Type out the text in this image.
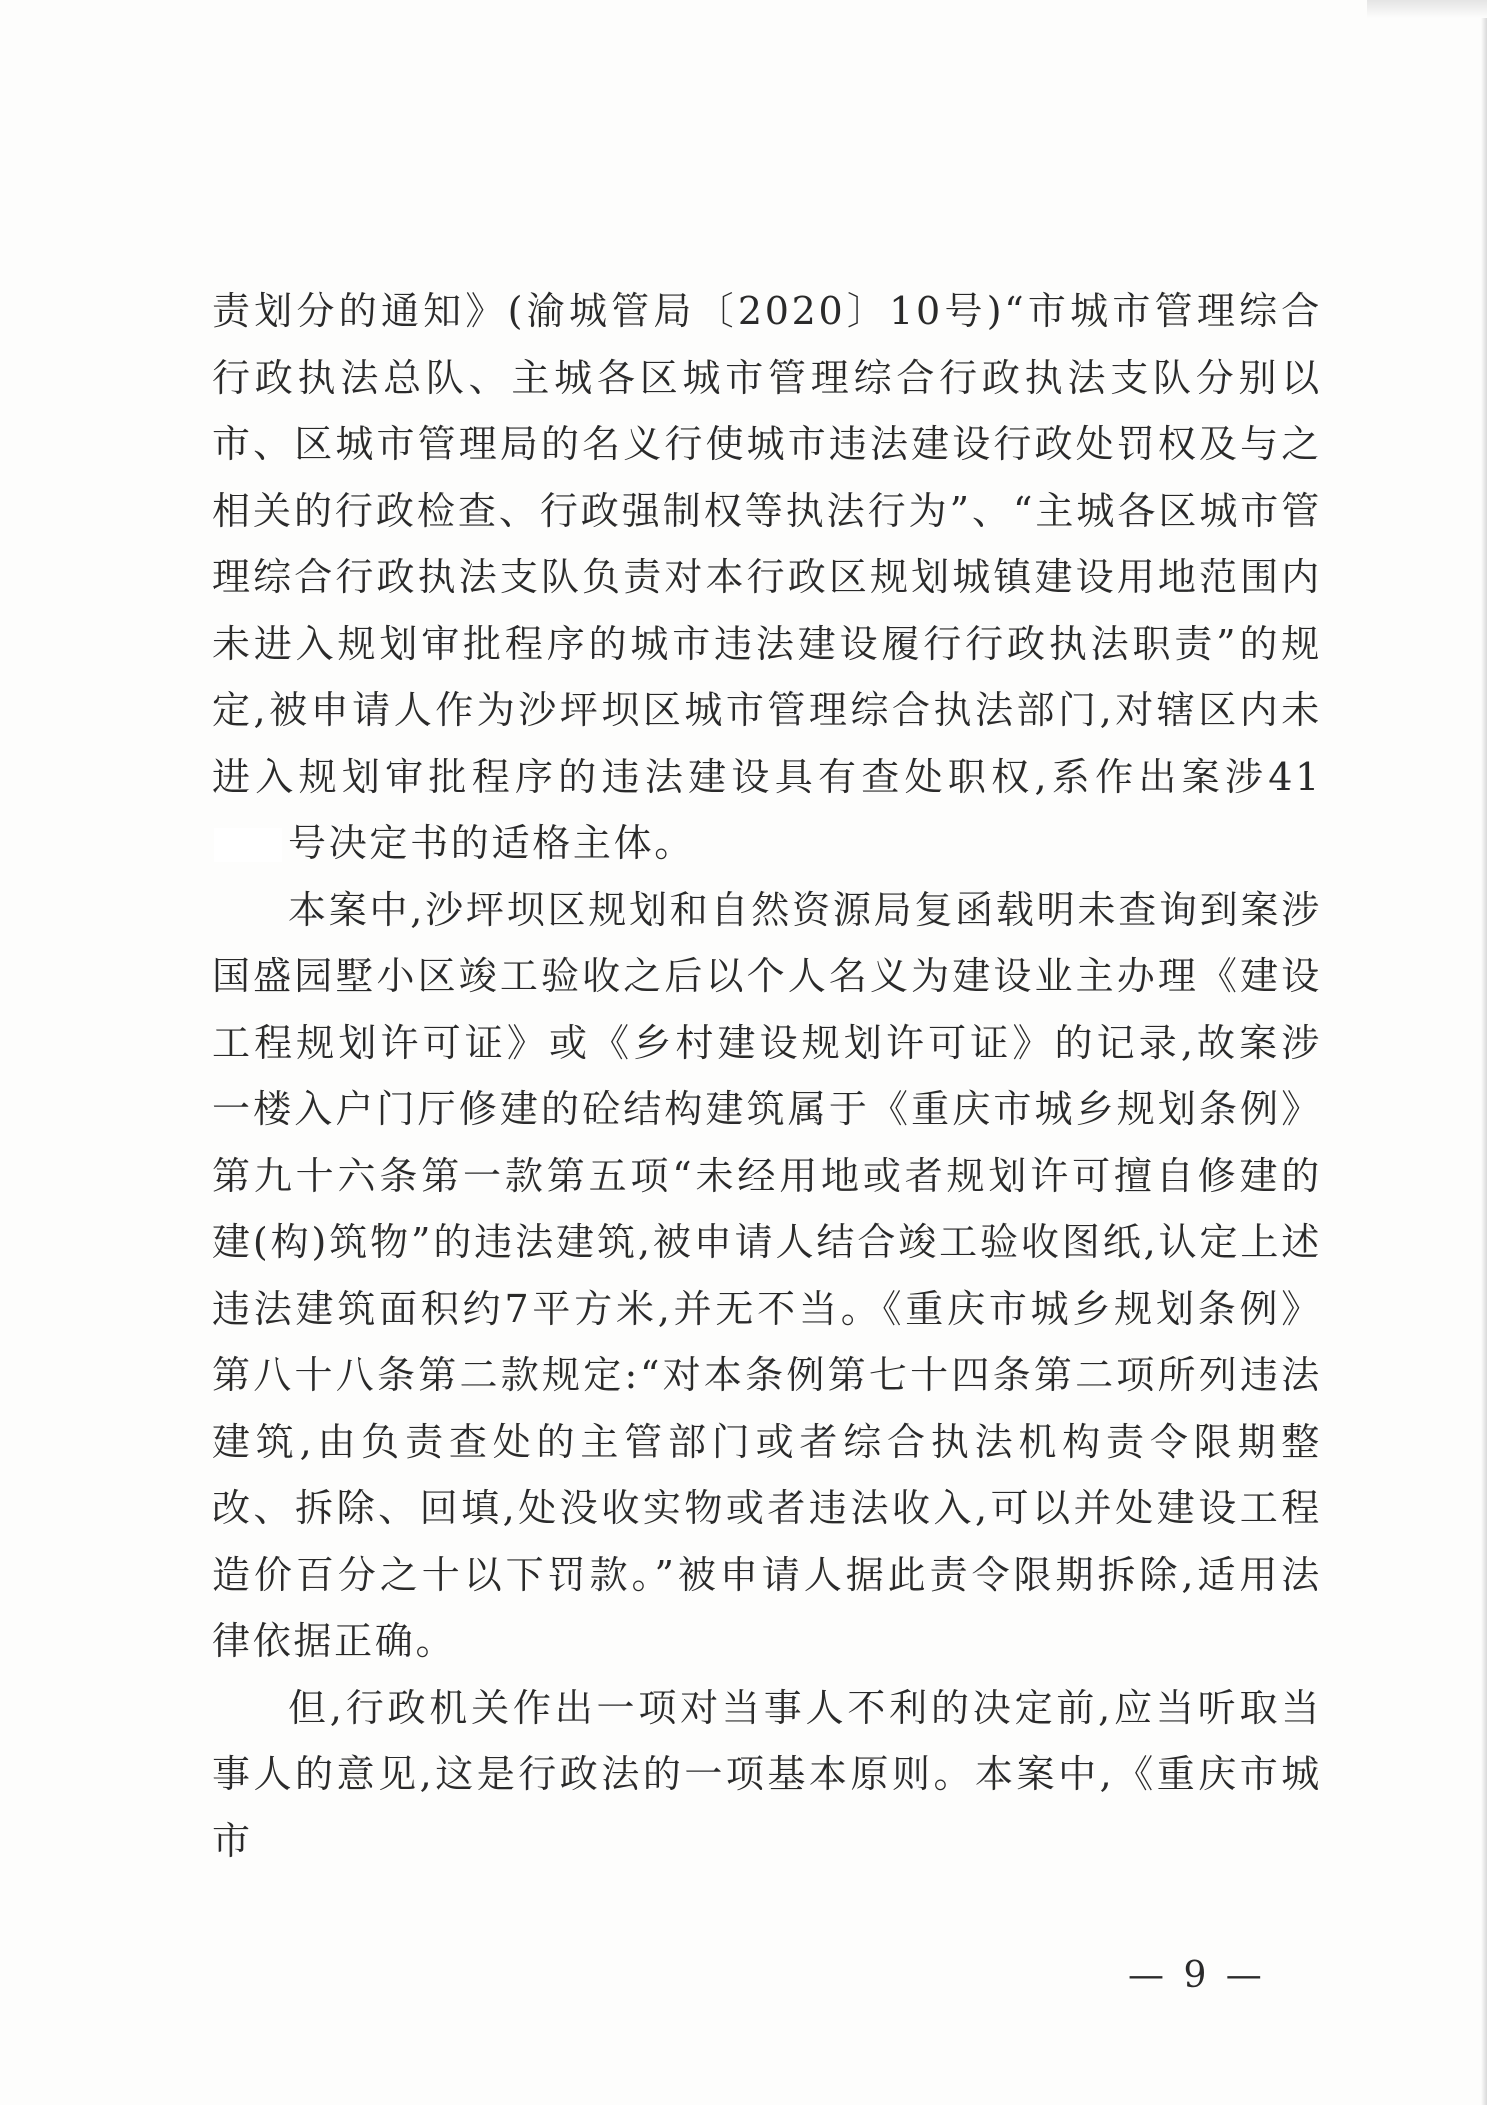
责划分的通知》(渝城管局〔2020〕10号)“市城市管理综合行政执法总队、主城各区城市管理综合行政执法支队分别以市、区城市管理局的名义行使城市违法建设行政处罚权及与之相关的行政检查、行政强制权等执法行为”、“主城各区城市管理综合行政执法支队负责对本行政区规划城镇建设用地范围内未进入规划审批程序的城市违法建设履行行政执法职责”的规定,被申请人作为沙坪坝区城市管理综合执法部门,对辖区内未进入规划审批程序的违法建设具有查处职权,系作出案涉41号决定书的适格主体。

本案中,沙坪坝区规划和自然资源局复函载明未查询到案涉国盛园墅小区竣工验收之后以个人名义为建设业主办理《建设工程规划许可证》或《乡村建设规划许可证》的记录,故案涉一楼入户门厅修建的砼结构建筑属于《重庆市城乡规划条例》第九十六条第一款第五项“未经用地或者规划许可擅自修建的建(构)筑物”的违法建筑,被申请人结合竣工验收图纸,认定上述违法建筑面积约7平方米,并无不当。《重庆市城乡规划条例》第八十八条第二款规定:“对本条例第七十四条第二项所列违法建筑,由负责查处的主管部门或者综合执法机构责令限期整改、拆除、回填,处没收实物或者违法收入,可以并处建设工程造价百分之十以下罚款。”被申请人据此责令限期拆除,适用法律依据正确。

但,行政机关作出一项对当事人不利的决定前,应当听取当事人的意见,这是行政法的一项基本原则。本案中,《重庆市城市

— 9 —
